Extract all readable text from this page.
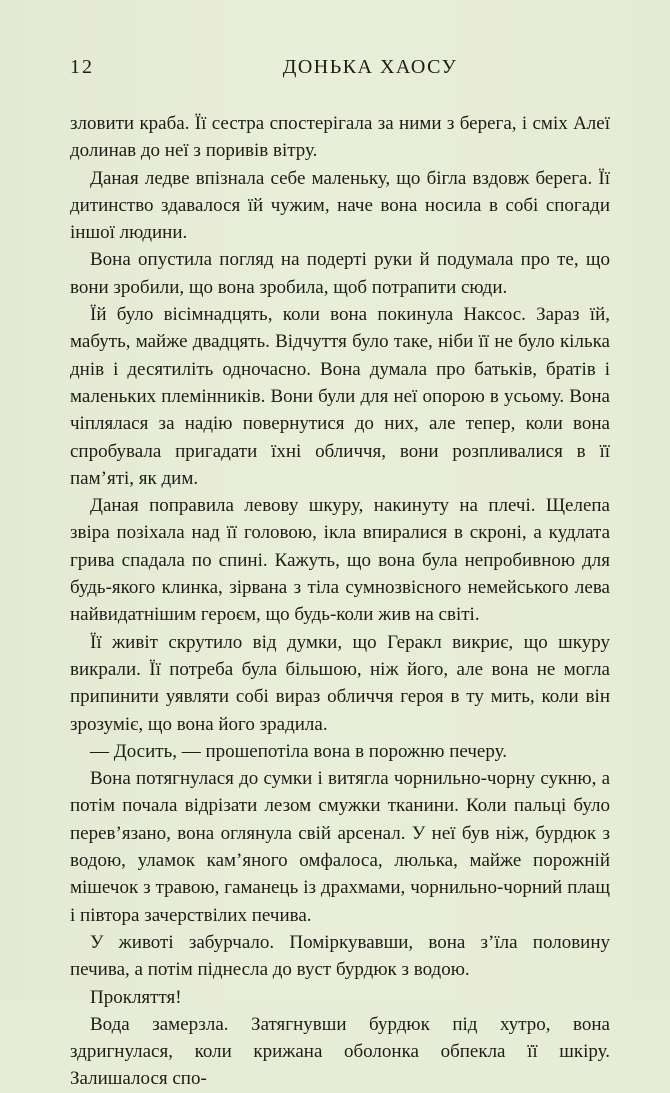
12	ДОНЬКА ХАОСУ

зловити краба. Її сестра спостерігала за ними з берега, і сміх Алеї долинав до неї з поривів вітру.

Даная ледве впізнала себе маленьку, що бігла вздовж берега. Її дитинство здавалося їй чужим, наче вона носила в собі спогади іншої людини.

Вона опустила погляд на подерті руки й подумала про те, що вони зробили, що вона зробила, щоб потрапити сюди.

Їй було вісімнадцять, коли вона покинула Наксос. Зараз їй, мабуть, майже двадцять. Відчуття було таке, ніби її не було кілька днів і десятиліть одночасно. Вона думала про батьків, братів і маленьких племінників. Вони були для неї опорою в усьому. Вона чіплялася за надію повернутися до них, але тепер, коли вона спробувала пригадати їхні обличчя, вони розпливалися в її пам’яті, як дим.

Даная поправила левову шкуру, накинуту на плечі. Щелепа звіра позіхала над її головою, ікла впиралися в скроні, а кудлата грива спадала по спині. Кажуть, що вона була непробивною для будь-якого клинка, зірвана з тіла сумнозвісного немейського лева найвидатнішим героєм, що будь-коли жив на світі.

Її живіт скрутило від думки, що Геракл викриє, що шкуру викрали. Її потреба була більшою, ніж його, але вона не могла припинити уявляти собі вираз обличчя героя в ту мить, коли він зрозуміє, що вона його зрадила.

— Досить, — прошепотіла вона в порожню печеру.

Вона потягнулася до сумки і витягла чорнильно-чорну сукню, а потім почала відрізати лезом смужки тканини. Коли пальці було перев’язано, вона оглянула свій арсенал. У неї був ніж, бурдюк з водою, уламок кам’яного омфалоса, люлька, майже порожній мішечок з травою, гаманець із драхмами, чорнильно-чорний плащ і півтора зачерствілих печива.

У животі забурчало. Поміркувавши, вона з’їла половину печива, а потім піднесла до вуст бурдюк з водою.

Прокляття!

Вода замерзла. Затягнувши бурдюк під хутро, вона здригнулася, коли крижана оболонка обпекла її шкіру. Залишалося спо-
